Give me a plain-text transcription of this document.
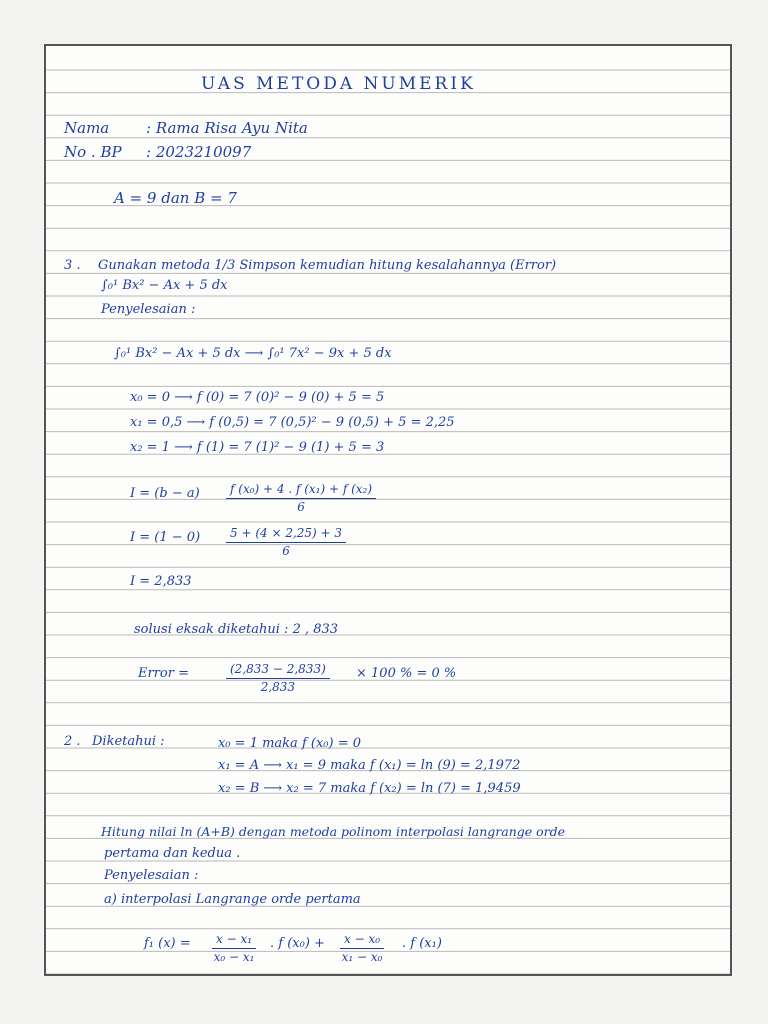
UAS METODA NUMERIK
Nama : Rama Risa Ayu Nita
No . BP : 2023210097
A = 9 dan B = 7
3 . Gunakan metoda 1/3 Simpson kemudian hitung kesalahannya (Error)
∫₀¹ Bx² − Ax + 5 dx
Penyelesaian :
∫₀¹ Bx² − Ax + 5 dx ⟶ ∫₀¹ 7x² − 9x + 5 dx
x₀ = 0 ⟶ f (0) = 7 (0)² − 9 (0) + 5 = 5
x₁ = 0,5 ⟶ f (0,5) = 7 (0,5)² − 9 (0,5) + 5 = 2,25
x₂ = 1 ⟶ f (1) = 7 (1)² − 9 (1) + 5 = 3
$I = (b - a) \frac{\text{f (x₀) + 4 . f (x₁) + f (x₂)}}{6}$
$I = (1 - 0) \frac{5 + (4 \times 2,25) + 3}{6}$
I = 2,833
solusi eksak diketahui : 2 , 833
Error =	$\frac{(2,833 - 2,833)}{2,833} \times 100$ % = 0 %
2 . Diketahui :	x₀ = 1 maka f (x₀) = 0
x₁ = A ⟶ x₁ = 9 maka f (x₁) = ln (9) = 2,1972
x₂ = B ⟶ x₂ = 7 maka f (x₂) = ln (7) = 1,9459
Hitung nilai ln (A+B) dengan metoda polinom interpolasi langrange orde
pertama dan kedua .
Penyelesaian :
a) interpolasi Langrange orde pertama
f₁ $(x) = \frac{\text{x − x₁}}{\text{x₀ − x₁}}$ . f $(x_0) + \frac{\text{x − x₀}}{\text{x₁ − x₀}}$ . f (x₁)
